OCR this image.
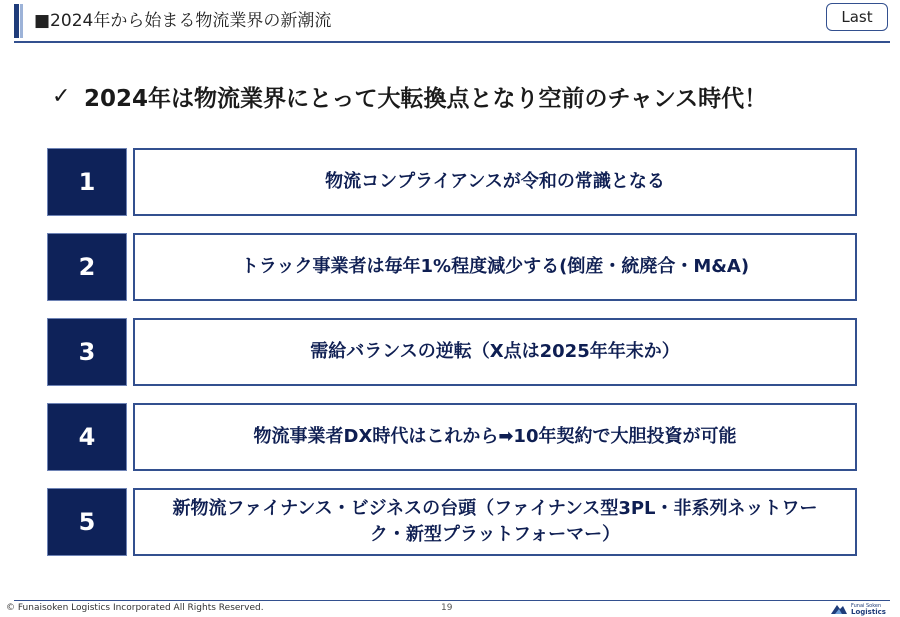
■2024年から始まる物流業界の新潮流	Last
✓ 2024年は物流業界にとって大転換点となり空前のチャンス時代！
1	物流コンプライアンスが令和の常識となる
2	トラック事業者は毎年1%程度減少する(倒産・統廃合・M&A)
3	需給バランスの逆転（X点は2025年年末か）
4	物流事業者DX時代はこれから➡10年契約で大胆投資が可能
5	新物流ファイナンス・ビジネスの台頭（ファイナンス型3PL・非系列ネットワーク・新型プラットフォーマー）
© Funaisoken Logistics Incorporated All Rights Reserved.	19	Funai Soken
Logistics
